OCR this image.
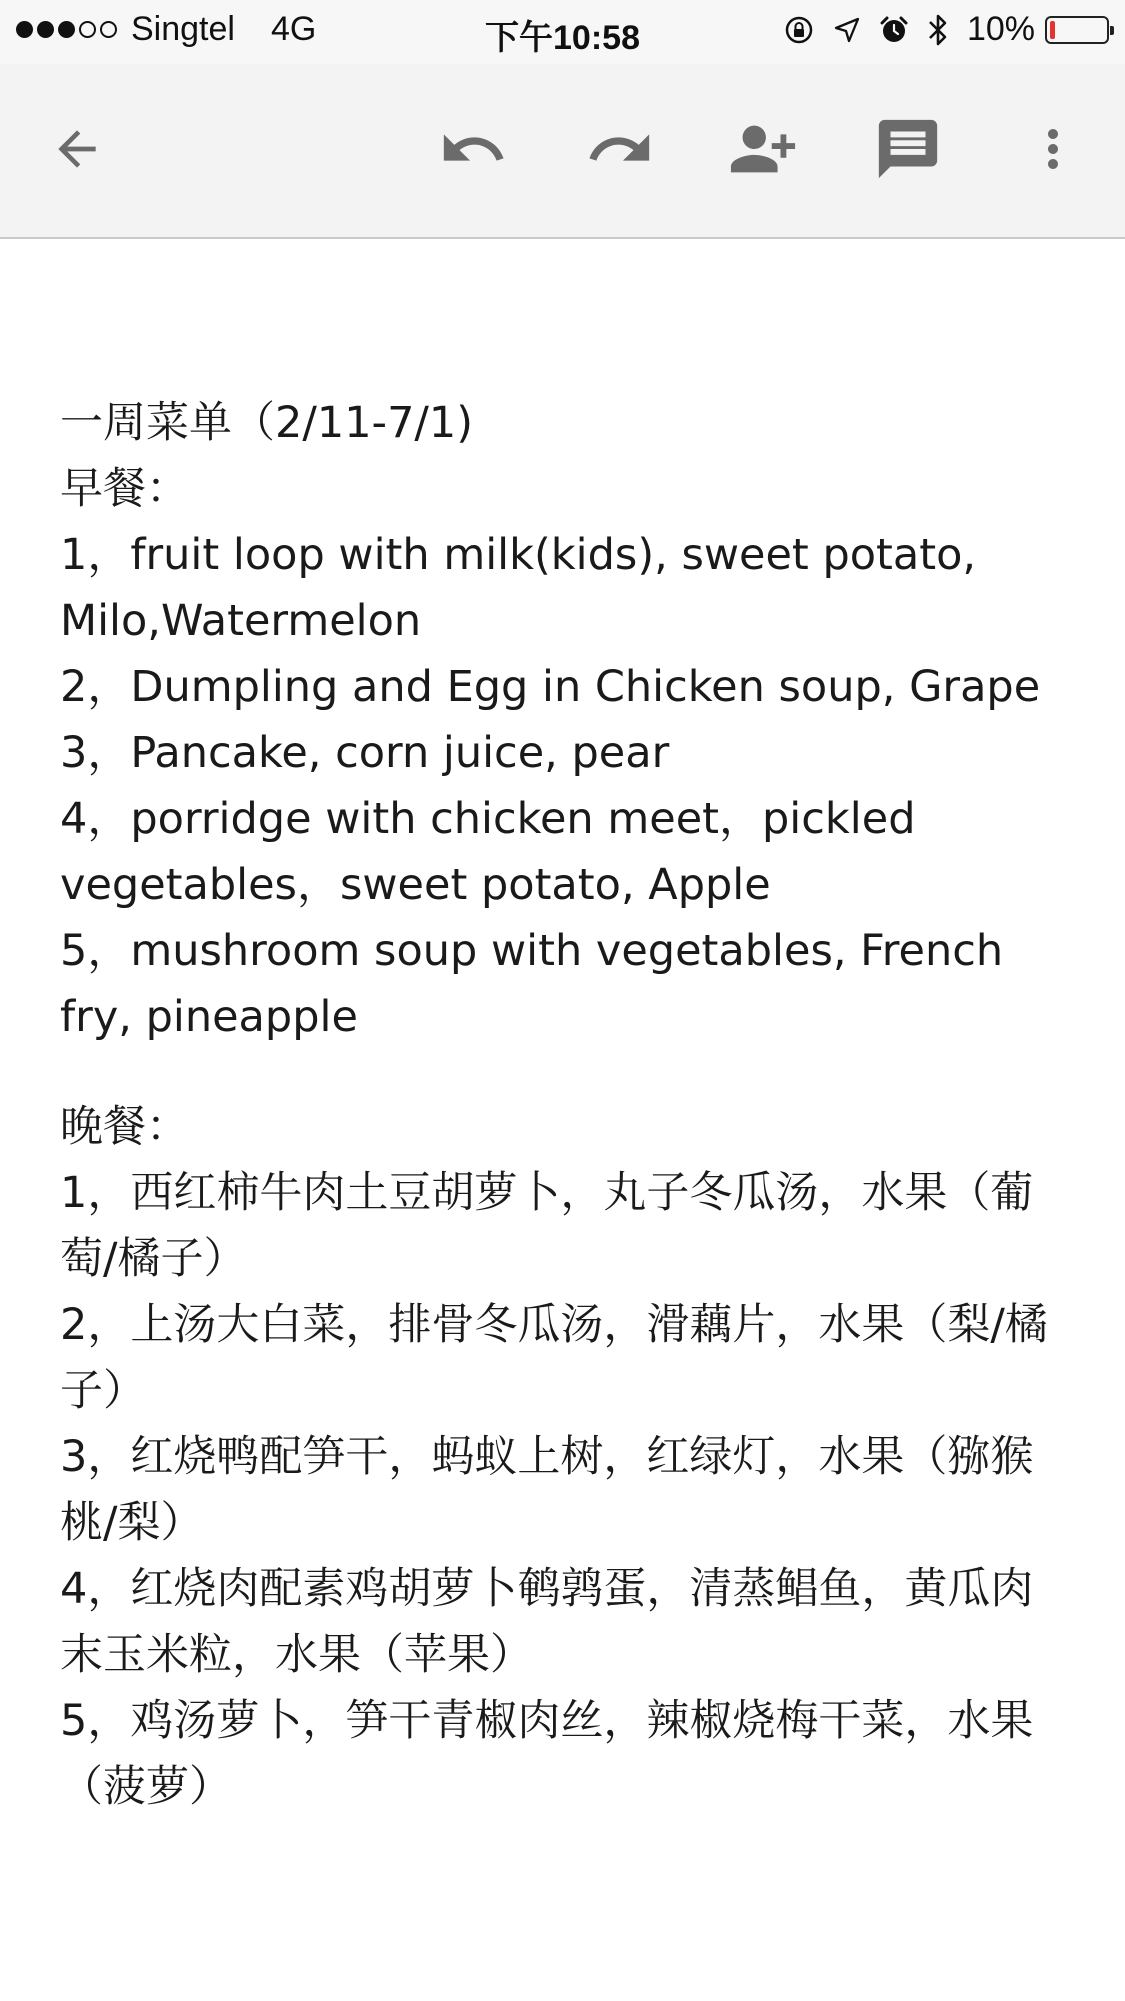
Singtel 4G	下午10:58	10%
一周菜单（2/11-7/1)
早餐：
1，fruit loop with milk(kids), sweet potato, Milo,Watermelon
2，Dumpling and Egg in Chicken soup, Grape
3，Pancake, corn juice, pear
4，porridge with chicken meet，pickled vegetables，sweet potato, Apple
5，mushroom soup with vegetables, French fry, pineapple
晚餐：
1，西红柿牛肉土豆胡萝卜，丸子冬瓜汤，水果（葡萄/橘子）
2，上汤大白菜，排骨冬瓜汤，滑藕片，水果（梨/橘子）
3，红烧鸭配笋干，蚂蚁上树，红绿灯，水果（猕猴桃/梨）
4，红烧肉配素鸡胡萝卜鹌鹑蛋，清蒸鲳鱼，黄瓜肉末玉米粒，水果（苹果）
5，鸡汤萝卜，笋干青椒肉丝，辣椒烧梅干菜，水果（菠萝）
